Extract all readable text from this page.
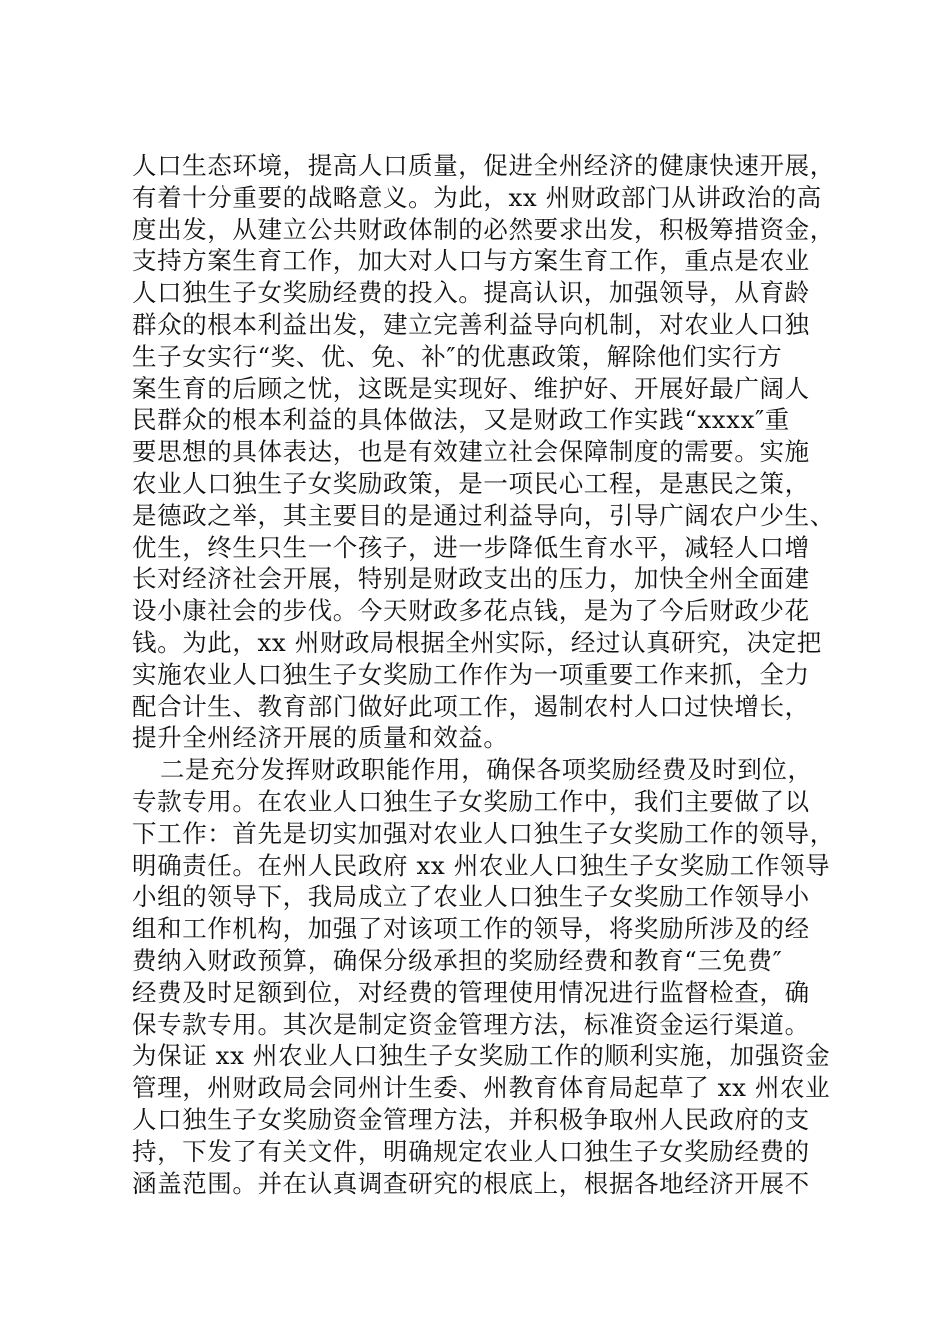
人口生态环境，提高人口质量，促进全州经济的健康快速开展，
有着十分重要的战略意义。为此，xx 州财政部门从讲政治的高
度出发，从建立公共财政体制的必然要求出发，积极筹措资金，
支持方案生育工作，加大对人口与方案生育工作，重点是农业
人口独生子女奖励经费的投入。提高认识，加强领导，从育龄
群众的根本利益出发，建立完善利益导向机制，对农业人口独
生子女实行“奖、优、免、补″的优惠政策，解除他们实行方
案生育的后顾之忧，这既是实现好、维护好、开展好最广阔人
民群众的根本利益的具体做法，又是财政工作实践“xxxx″重
要思想的具体表达，也是有效建立社会保障制度的需要。实施
农业人口独生子女奖励政策，是一项民心工程，是惠民之策，
是德政之举，其主要目的是通过利益导向，引导广阔农户少生、
优生，终生只生一个孩子，进一步降低生育水平，减轻人口增
长对经济社会开展，特别是财政支出的压力，加快全州全面建
设小康社会的步伐。今天财政多花点钱，是为了今后财政少花
钱。为此，xx 州财政局根据全州实际，经过认真研究，决定把
实施农业人口独生子女奖励工作作为一项重要工作来抓，全力
配合计生、教育部门做好此项工作，遏制农村人口过快增长，
提升全州经济开展的质量和效益。
二是充分发挥财政职能作用，确保各项奖励经费及时到位，
专款专用。在农业人口独生子女奖励工作中，我们主要做了以
下工作：首先是切实加强对农业人口独生子女奖励工作的领导，
明确责任。在州人民政府 xx 州农业人口独生子女奖励工作领导
小组的领导下，我局成立了农业人口独生子女奖励工作领导小
组和工作机构，加强了对该项工作的领导，将奖励所涉及的经
费纳入财政预算，确保分级承担的奖励经费和教育“三免费″
经费及时足额到位，对经费的管理使用情况进行监督检查，确
保专款专用。其次是制定资金管理方法，标准资金运行渠道。
为保证 xx 州农业人口独生子女奖励工作的顺利实施，加强资金
管理，州财政局会同州计生委、州教育体育局起草了 xx 州农业
人口独生子女奖励资金管理方法，并积极争取州人民政府的支
持，下发了有关文件，明确规定农业人口独生子女奖励经费的
涵盖范围。并在认真调查研究的根底上，根据各地经济开展不
